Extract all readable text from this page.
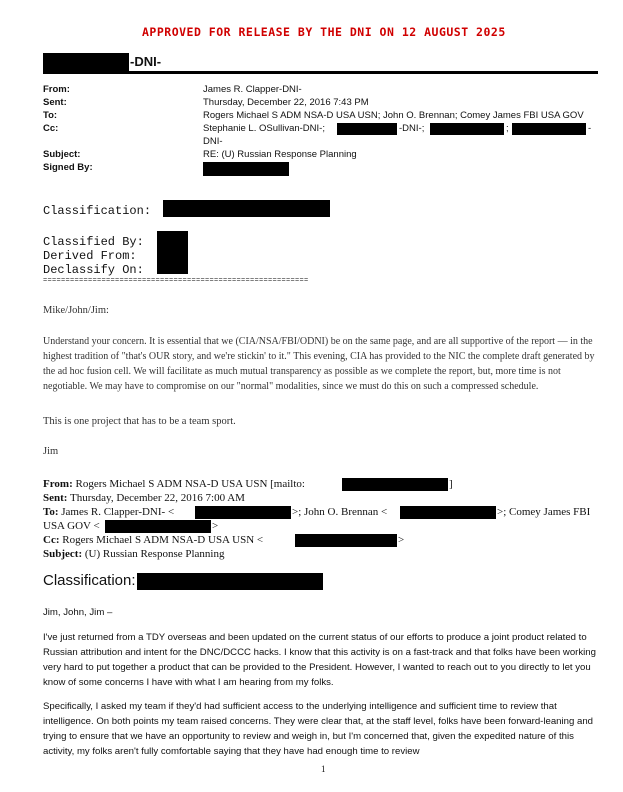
APPROVED FOR RELEASE BY THE DNI ON 12 AUGUST 2025
-DNI-
From:	James R. Clapper-DNI-
Sent:	Thursday, December 22, 2016 7:43 PM
To:	Rogers Michael S ADM NSA-D USA USN; John O. Brennan; Comey James FBI USA GOV
Cc:	Stephanie L. OSullivan-DNI-;	-DNI-;	;	-
DNI-
Subject:	RE: (U) Russian Response Planning
Signed By:
Classification:
Classified By:
Derived From:
Declassify On:
===========================================================
Mike/John/Jim:
Understand your concern. It is essential that we (CIA/NSA/FBI/ODNI) be on the same page, and are all supportive of the report — in the highest tradition of "that's OUR story, and we're stickin' to it." This evening, CIA has provided to the NIC the complete draft generated by the ad hoc fusion cell. We will facilitate as much mutual transparency as possible as we complete the report, but, more time is not negotiable. We may have to compromise on our "normal" modalities, since we must do this on such a compressed schedule.
This is one project that has to be a team sport.
Jim
From: Rogers Michael S ADM NSA-D USA USN [mailto:	]
Sent: Thursday, December 22, 2016 7:00 AM
To: James R. Clapper-DNI- <	>; John O. Brennan <	>; Comey James FBI
USA GOV <	>
Cc: Rogers Michael S ADM NSA-D USA USN <	>
Subject: (U) Russian Response Planning
Classification:
Jim, John, Jim –
I've just returned from a TDY overseas and been updated on the current status of our efforts to produce a joint product related to Russian attribution and intent for the DNC/DCCC hacks. I know that this activity is on a fast-track and that folks have been working very hard to put together a product that can be provided to the President. However, I wanted to reach out to you directly to let you know of some concerns I have with what I am hearing from my folks.
Specifically, I asked my team if they'd had sufficient access to the underlying intelligence and sufficient time to review that intelligence. On both points my team raised concerns. They were clear that, at the staff level, folks have been forward-leaning and trying to ensure that we have an opportunity to review and weigh in, but I'm concerned that, given the expedited nature of this activity, my folks aren't fully comfortable saying that they have had enough time to review
1
